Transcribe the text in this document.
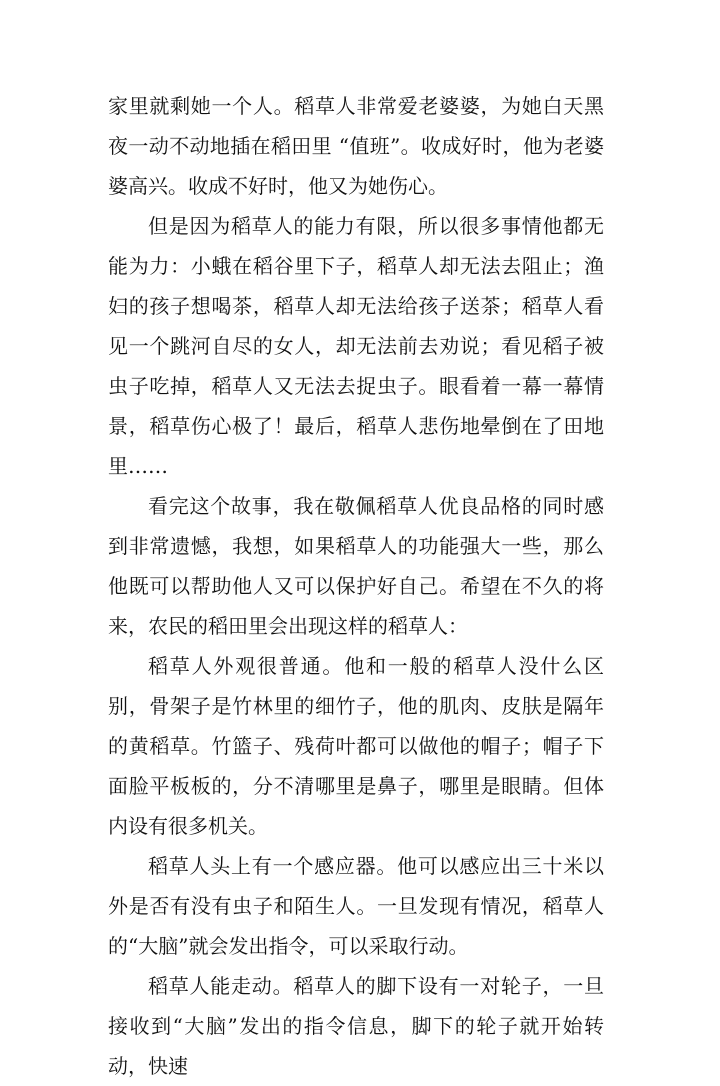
家里就剩她一个人。稻草人非常爱老婆婆，为她白天黑夜一动不动地插在稻田里 “值班”。收成好时，他为老婆婆高兴。收成不好时，他又为她伤心。

但是因为稻草人的能力有限，所以很多事情他都无能为力：小蛾在稻谷里下子，稻草人却无法去阻止；渔妇的孩子想喝茶，稻草人却无法给孩子送茶；稻草人看见一个跳河自尽的女人，却无法前去劝说；看见稻子被虫子吃掉，稻草人又无法去捉虫子。眼看着一幕一幕情景，稻草伤心极了！最后，稻草人悲伤地晕倒在了田地里……

看完这个故事，我在敬佩稻草人优良品格的同时感到非常遗憾，我想，如果稻草人的功能强大一些，那么他既可以帮助他人又可以保护好自己。希望在不久的将来，农民的稻田里会出现这样的稻草人：

稻草人外观很普通。他和一般的稻草人没什么区别，骨架子是竹林里的细竹子，他的肌肉、皮肤是隔年的黄稻草。竹篮子、残荷叶都可以做他的帽子；帽子下面脸平板板的，分不清哪里是鼻子，哪里是眼睛。但体内设有很多机关。

稻草人头上有一个感应器。他可以感应出三十米以外是否有没有虫子和陌生人。一旦发现有情况，稻草人的“大脑”就会发出指令，可以采取行动。

稻草人能走动。稻草人的脚下设有一对轮子，一旦接收到“大脑”发出的指令信息，脚下的轮子就开始转动，快速
